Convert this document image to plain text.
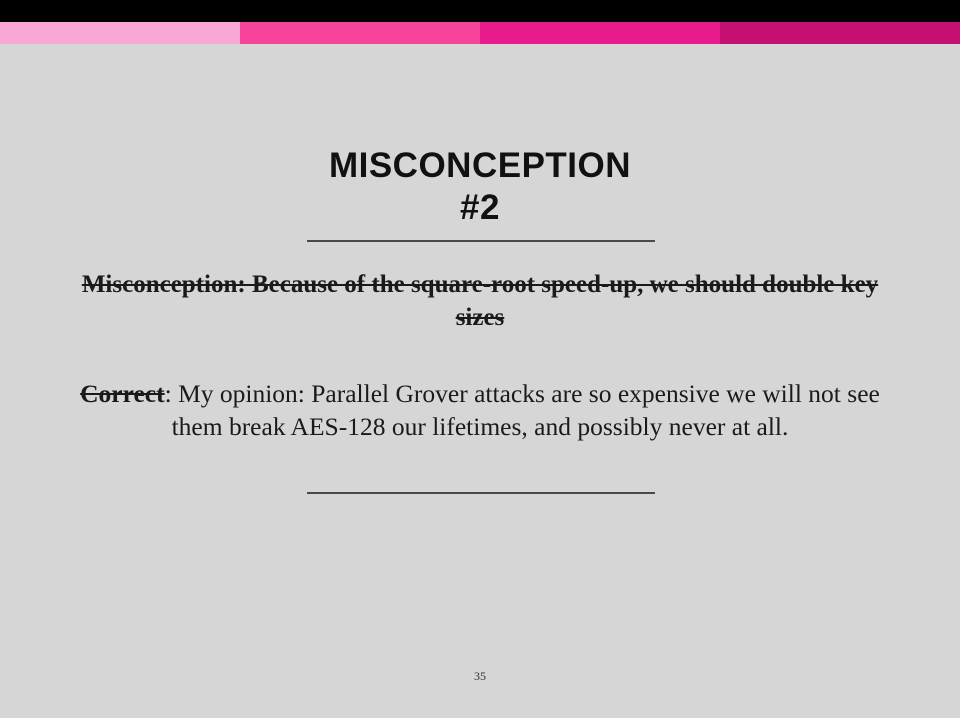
MISCONCEPTION
#2
Misconception: Because of the square-root speed-up, we should double key sizes
Correct: My opinion: Parallel Grover attacks are so expensive we will not see them break AES-128 our lifetimes, and possibly never at all.
35
